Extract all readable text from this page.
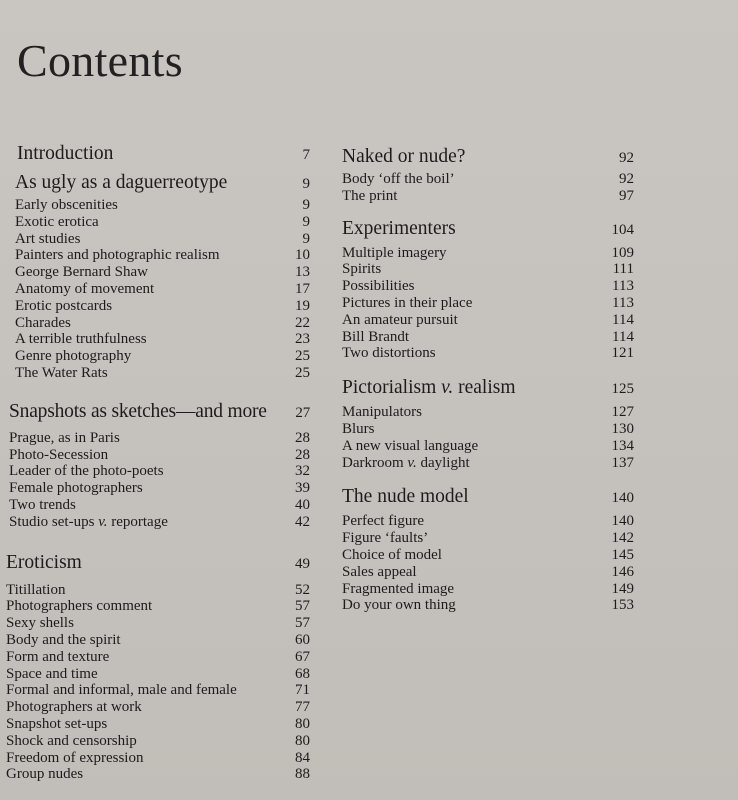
Contents
Introduction	7
As ugly as a daguerreotype	9
Early obscenities	9
Exotic erotica	9
Art studies	9
Painters and photographic realism	10
George Bernard Shaw	13
Anatomy of movement	17
Erotic postcards	19
Charades	22
A terrible truthfulness	23
Genre photography	25
The Water Rats	25
Snapshots as sketches—and more 27
Prague, as in Paris	28
Photo-Secession	28
Leader of the photo-poets	32
Female photographers	39
Two trends	40
Studio set-ups v. reportage	42
Eroticism	49
Titillation	52
Photographers comment	57
Sexy shells	57
Body and the spirit	60
Form and texture	67
Space and time	68
Formal and informal, male and female	71
Photographers at work	77
Snapshot set-ups	80
Shock and censorship	80
Freedom of expression	84
Group nudes	88
Naked or nude?	92
Body ‘off the boil’	92
The print	97
Experimenters	104
Multiple imagery	109
Spirits	111
Possibilities	113
Pictures in their place	113
An amateur pursuit	114
Bill Brandt	114
Two distortions	121
Pictorialism v. realism	125
Manipulators	127
Blurs	130
A new visual language	134
Darkroom v. daylight	137
The nude model	140
Perfect figure	140
Figure ‘faults’	142
Choice of model	145
Sales appeal	146
Fragmented image	149
Do your own thing	153
